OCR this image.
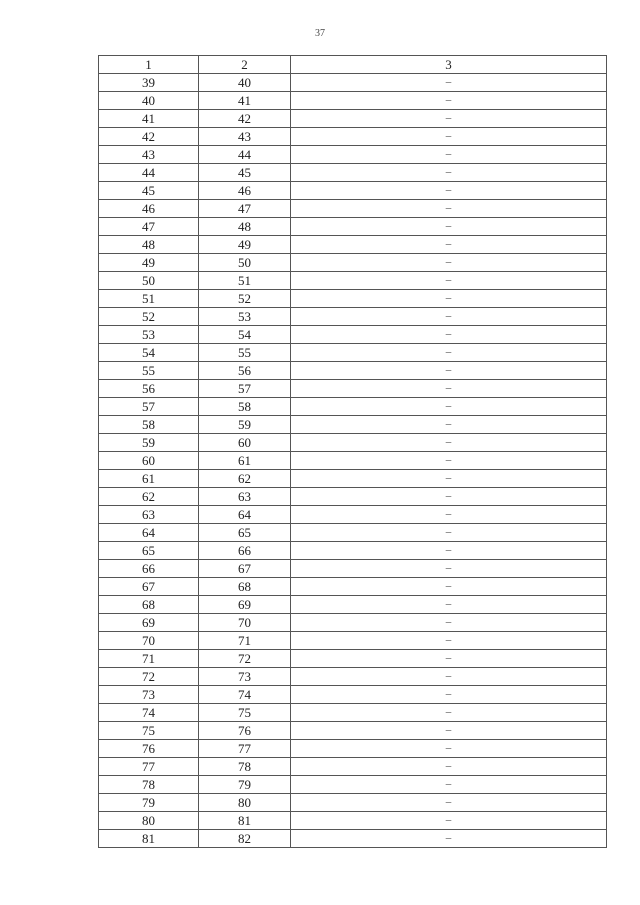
37
1	2	3
39	40	–
40	41	–
41	42	–
42	43	–
43	44	–
44	45	–
45	46	–
46	47	–
47	48	–
48	49	–
49	50	–
50	51	–
51	52	–
52	53	–
53	54	–
54	55	–
55	56	–
56	57	–
57	58	–
58	59	–
59	60	–
60	61	–
61	62	–
62	63	–
63	64	–
64	65	–
65	66	–
66	67	–
67	68	–
68	69	–
69	70	–
70	71	–
71	72	–
72	73	–
73	74	–
74	75	–
75	76	–
76	77	–
77	78	–
78	79	–
79	80	–
80	81	–
81	82	–
